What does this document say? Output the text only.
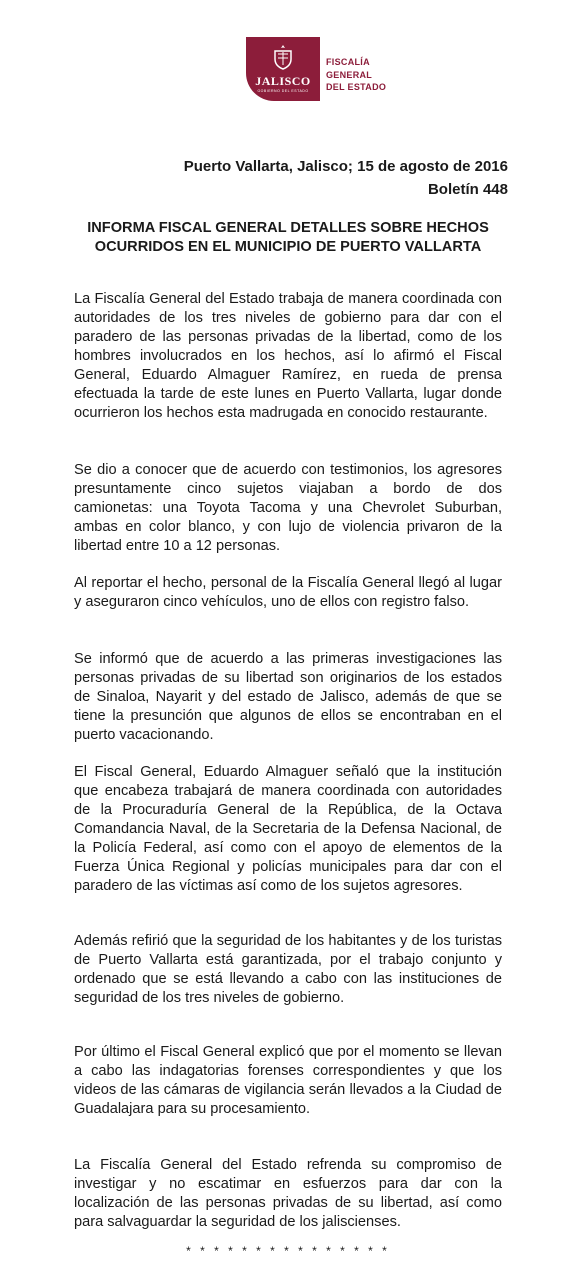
JALISCO
GOBIERNO DEL ESTADO
FISCALÍA
GENERAL
DEL ESTADO
Puerto Vallarta, Jalisco; 15 de agosto de 2016
Boletín 448
INFORMA FISCAL GENERAL DETALLES SOBRE HECHOS OCURRIDOS EN EL MUNICIPIO DE PUERTO VALLARTA

La Fiscalía General del Estado trabaja de manera coordinada con autoridades de los tres niveles de gobierno para dar con el paradero de las personas privadas de la libertad, como de los hombres involucrados en los hechos, así lo afirmó el Fiscal General, Eduardo Almaguer Ramírez, en rueda de prensa efectuada la tarde de este lunes en Puerto Vallarta, lugar donde ocurrieron los hechos esta madrugada en conocido restaurante.

Se dio a conocer que de acuerdo con testimonios, los agresores presuntamente cinco sujetos viajaban a bordo de dos camionetas: una Toyota Tacoma y una Chevrolet Suburban, ambas en color blanco, y con lujo de violencia privaron de la libertad entre 10 a 12 personas.

Al reportar el hecho, personal de la Fiscalía General llegó al lugar y aseguraron cinco vehículos, uno de ellos con registro falso.

Se informó que de acuerdo a las primeras investigaciones las personas privadas de su libertad son originarios de los estados de Sinaloa, Nayarit y del estado de Jalisco, además de que se tiene la presunción que algunos de ellos se encontraban en el puerto vacacionando.

El Fiscal General, Eduardo Almaguer señaló que la institución que encabeza trabajará de manera coordinada con autoridades de la Procuraduría General de la República, de la Octava Comandancia Naval, de la Secretaria de la Defensa Nacional, de la Policía Federal, así como con el apoyo de elementos de la Fuerza Única Regional y policías municipales para dar con el paradero de las víctimas así como de los sujetos agresores.

Además refirió que la seguridad de los habitantes y de los turistas de Puerto Vallarta está garantizada, por el trabajo conjunto y ordenado que se está llevando a cabo con las instituciones de seguridad de los tres niveles de gobierno.

Por último el Fiscal General explicó que por el momento se llevan a cabo las indagatorias forenses correspondientes y que los videos de las cámaras de vigilancia serán llevados a la Ciudad de Guadalajara para su procesamiento.

La Fiscalía General del Estado refrenda su compromiso de investigar y no escatimar en esfuerzos para dar con la localización de las personas privadas de su libertad, así como para salvaguardar la seguridad de los jaliscienses.

* * * * * * * * * * * * * * *
